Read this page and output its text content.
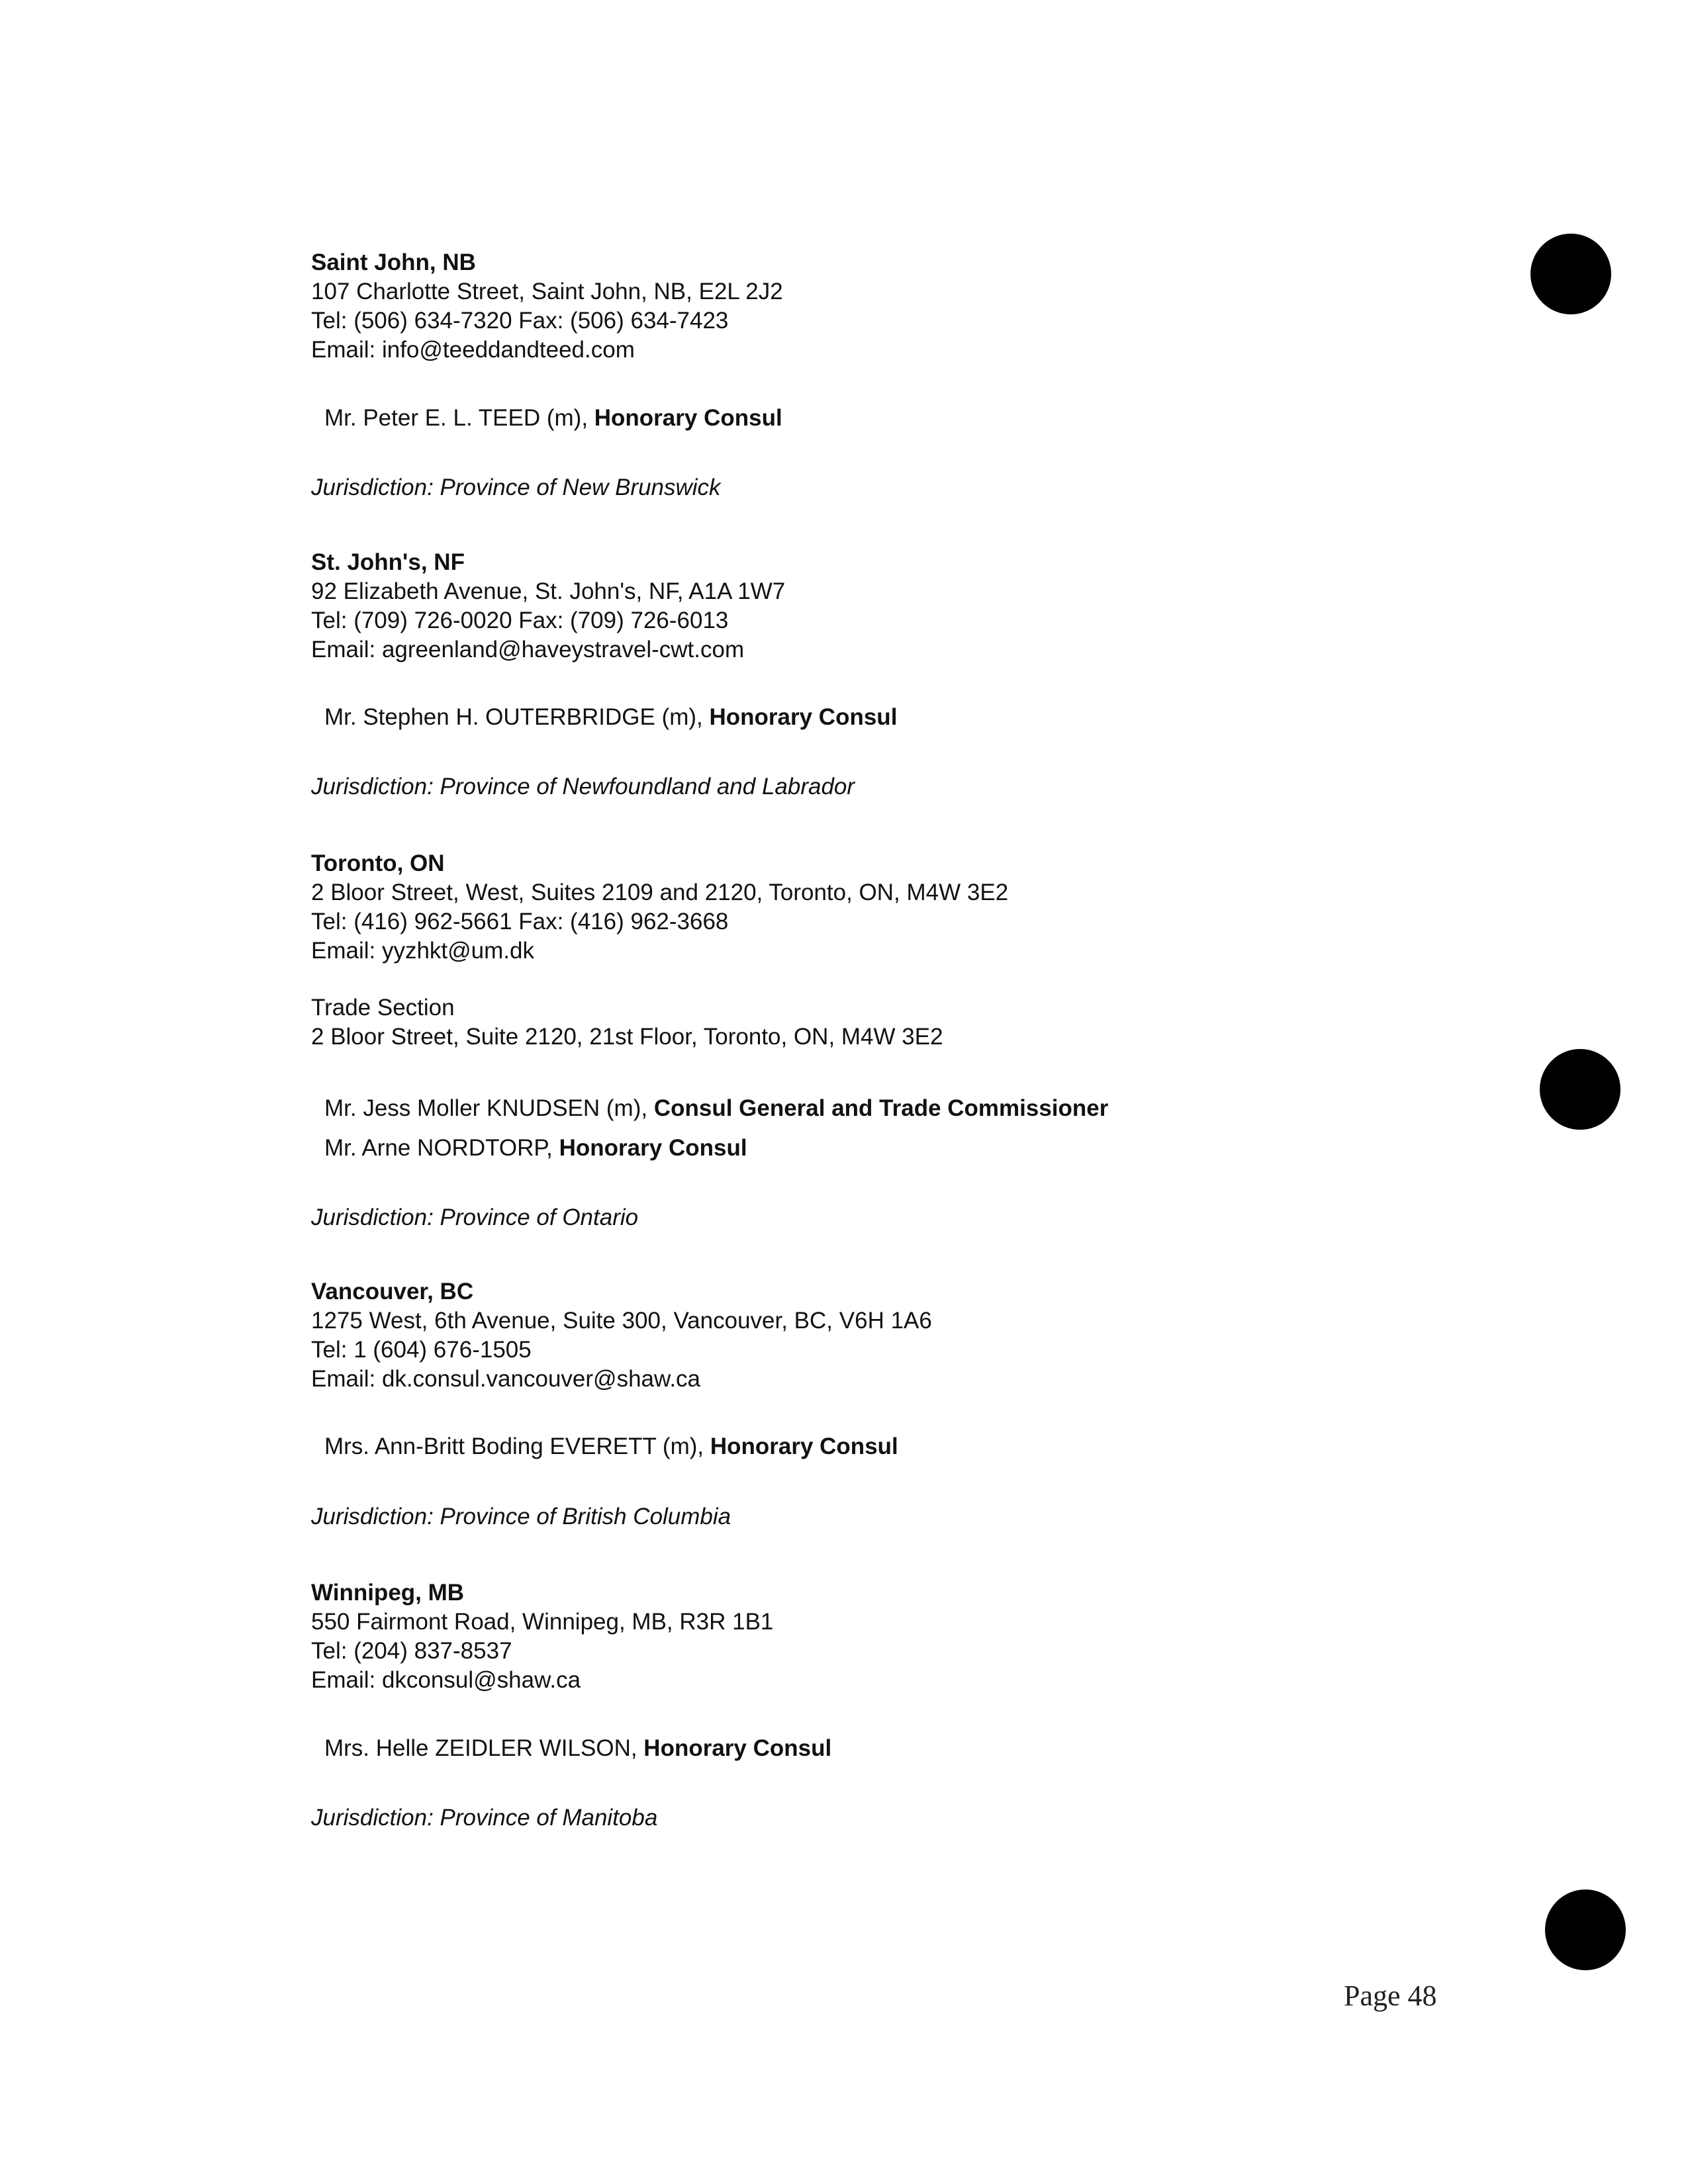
Saint John, NB
107 Charlotte Street, Saint John, NB, E2L 2J2
Tel: (506) 634-7320 Fax: (506) 634-7423
Email: info@teeddandteed.com
Mr. Peter E. L. TEED (m), Honorary Consul
Jurisdiction: Province of New Brunswick
St. John's, NF
92 Elizabeth Avenue, St. John's, NF, A1A 1W7
Tel: (709) 726-0020 Fax: (709) 726-6013
Email: agreenland@haveystravel-cwt.com
Mr. Stephen H. OUTERBRIDGE (m), Honorary Consul
Jurisdiction: Province of Newfoundland and Labrador
Toronto, ON
2 Bloor Street, West, Suites 2109 and 2120, Toronto, ON, M4W 3E2
Tel: (416) 962-5661 Fax: (416) 962-3668
Email: yyzhkt@um.dk
Trade Section
2 Bloor Street, Suite 2120, 21st Floor, Toronto, ON, M4W 3E2
Mr. Jess Moller KNUDSEN (m), Consul General and Trade Commissioner
Mr. Arne NORDTORP, Honorary Consul
Jurisdiction: Province of Ontario
Vancouver, BC
1275 West, 6th Avenue, Suite 300, Vancouver, BC, V6H 1A6
Tel: 1 (604) 676-1505
Email: dk.consul.vancouver@shaw.ca
Mrs. Ann-Britt Boding EVERETT (m), Honorary Consul
Jurisdiction: Province of British Columbia
Winnipeg, MB
550 Fairmont Road, Winnipeg, MB, R3R 1B1
Tel: (204) 837-8537
Email: dkconsul@shaw.ca
Mrs. Helle ZEIDLER WILSON, Honorary Consul
Jurisdiction: Province of Manitoba
Page 48
